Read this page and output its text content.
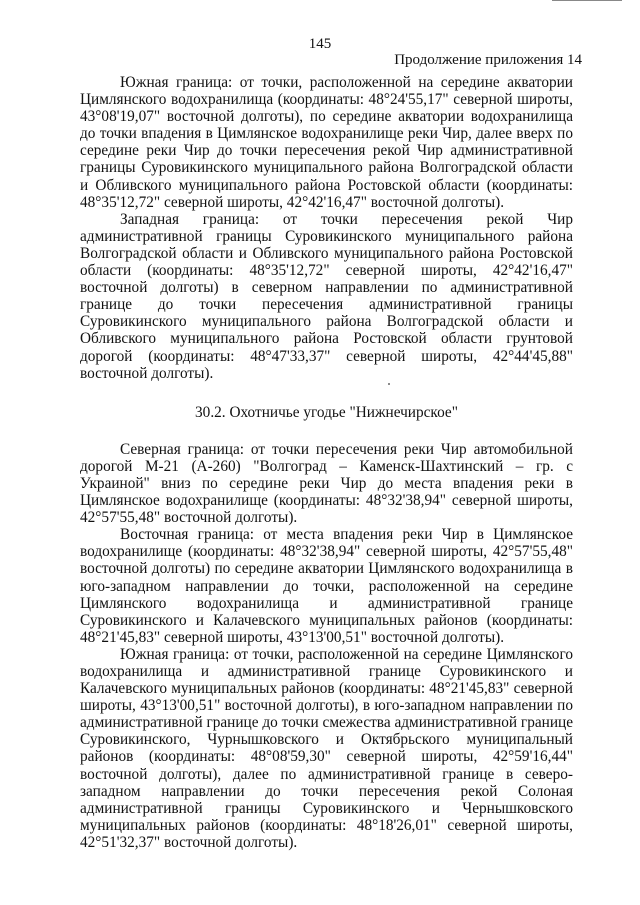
145
Продолжение приложения 14

Южная граница: от точки, расположенной на середине акватории Цимлянского водохранилища (координаты: 48°24'55,17" северной широты, 43°08'19,07" восточной долготы), по середине акватории водохранилища до точки впадения в Цимлянское водохранилище реки Чир, далее вверх по середине реки Чир до точки пересечения рекой Чир административной границы Суровикинского муниципального района Волгоградской области и Обливского муниципального района Ростовской области (координаты: 48°35'12,72" северной широты, 42°42'16,47" восточной долготы).

Западная граница: от точки пересечения рекой Чир административной границы Суровикинского муниципального района Волгоградской области и Обливского муниципального района Ростовской области (координаты: 48°35'12,72" северной широты, 42°42'16,47" восточной долготы) в северном направлении по административной границе до точки пересечения административной границы Суровикинского муниципального района Волгоградской области и Обливского муниципального района Ростовской области грунтовой дорогой (координаты: 48°47'33,37" северной широты, 42°44'45,88" восточной долготы).

30.2. Охотничье угодье "Нижнечирское"

Северная граница: от точки пересечения реки Чир автомобильной дорогой М-21 (А-260) "Волгоград – Каменск-Шахтинский – гр. с Украиной" вниз по середине реки Чир до места впадения реки в Цимлянское водохранилище (координаты: 48°32'38,94" северной широты, 42°57'55,48" восточной долготы).

Восточная граница: от места впадения реки Чир в Цимлянское водохранилище (координаты: 48°32'38,94" северной широты, 42°57'55,48" восточной долготы) по середине акватории Цимлянского водохранилища в юго-западном направлении до точки, расположенной на середине Цимлянского водохранилища и административной границе Суровикинского и Калачевского муниципальных районов (координаты: 48°21'45,83" северной широты, 43°13'00,51" восточной долготы).

Южная граница: от точки, расположенной на середине Цимлянского водохранилища и административной границе Суровикинского и Калачевского муниципальных районов (координаты: 48°21'45,83" северной широты, 43°13'00,51" восточной долготы), в юго-западном направлении по административной границе до точки смежества административной границе Суровикинского, Чурнышковского и Октябрьского муниципальный районов (координаты: 48°08'59,30" северной широты, 42°59'16,44" восточной долготы), далее по административной границе в северо-западном направлении до точки пересечения рекой Солоная административной границы Суровикинского и Чернышковского муниципальных районов (координаты: 48°18'26,01" северной широты, 42°51'32,37" восточной долготы).
